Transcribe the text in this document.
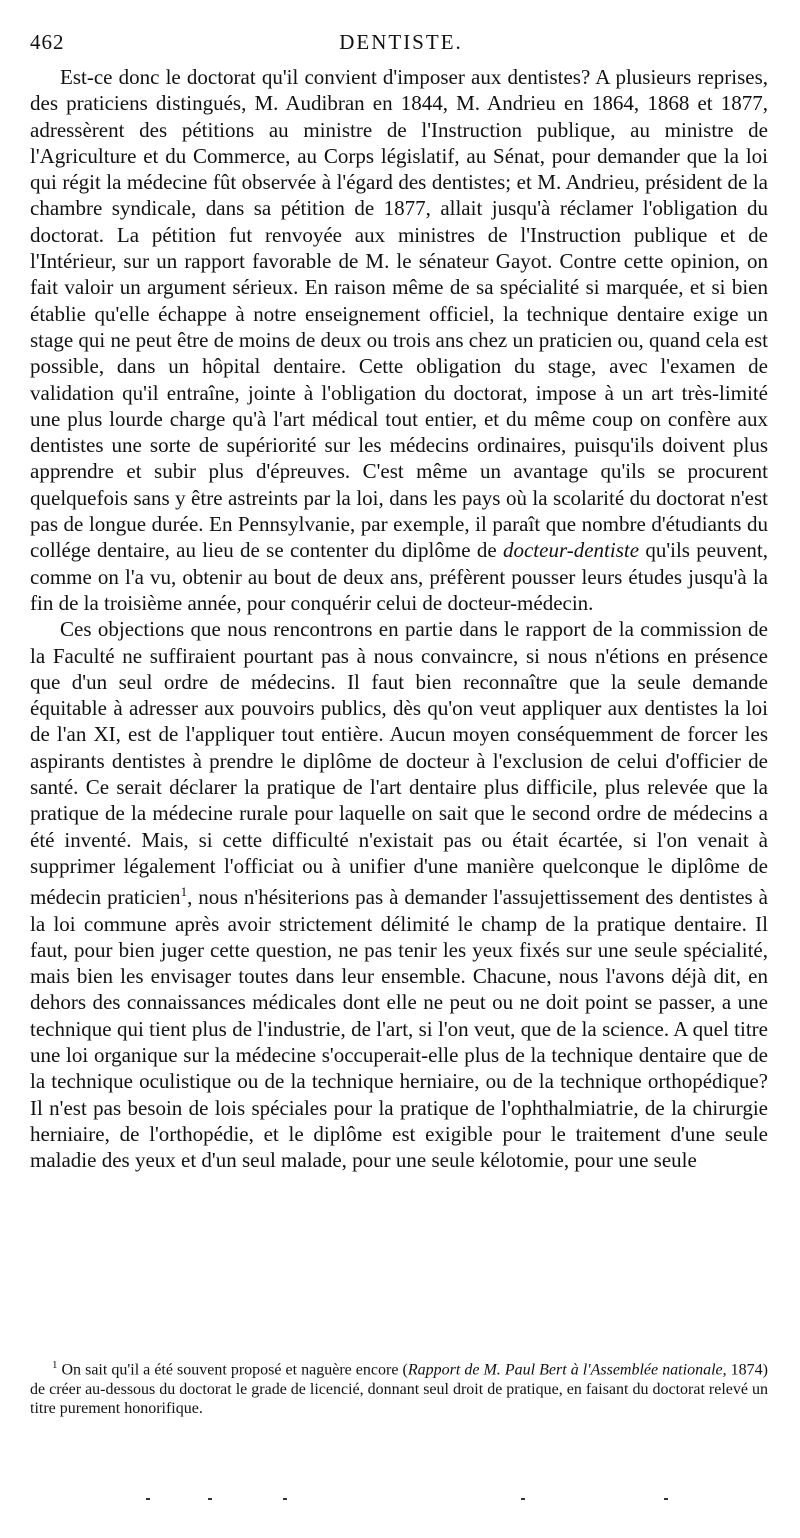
462	DENTISTE.

Est-ce donc le doctorat qu'il convient d'imposer aux dentistes? A plusieurs reprises, des praticiens distingués, M. Audibran en 1844, M. Andrieu en 1864, 1868 et 1877, adressèrent des pétitions au ministre de l'Instruction publique, au ministre de l'Agriculture et du Commerce, au Corps législatif, au Sénat, pour demander que la loi qui régit la médecine fût observée à l'égard des dentistes; et M. Andrieu, président de la chambre syndicale, dans sa pétition de 1877, allait jusqu'à réclamer l'obligation du doctorat. La pétition fut renvoyée aux ministres de l'Instruction publique et de l'Intérieur, sur un rapport favorable de M. le sénateur Gayot. Contre cette opinion, on fait valoir un argument sérieux. En raison même de sa spécialité si marquée, et si bien établie qu'elle échappe à notre enseignement officiel, la technique dentaire exige un stage qui ne peut être de moins de deux ou trois ans chez un praticien ou, quand cela est possible, dans un hôpital dentaire. Cette obligation du stage, avec l'examen de validation qu'il entraîne, jointe à l'obligation du doctorat, impose à un art très-limité une plus lourde charge qu'à l'art médical tout entier, et du même coup on confère aux dentistes une sorte de supériorité sur les médecins ordinaires, puisqu'ils doivent plus apprendre et subir plus d'épreuves. C'est même un avantage qu'ils se procurent quelquefois sans y être astreints par la loi, dans les pays où la scolarité du doctorat n'est pas de longue durée. En Pennsylvanie, par exemple, il paraît que nombre d'étudiants du collége dentaire, au lieu de se contenter du diplôme de docteur-dentiste qu'ils peuvent, comme on l'a vu, obtenir au bout de deux ans, préfèrent pousser leurs études jusqu'à la fin de la troisième année, pour conquérir celui de docteur-médecin.

Ces objections que nous rencontrons en partie dans le rapport de la commission de la Faculté ne suffiraient pourtant pas à nous convaincre, si nous n'étions en présence que d'un seul ordre de médecins. Il faut bien reconnaître que la seule demande équitable à adresser aux pouvoirs publics, dès qu'on veut appliquer aux dentistes la loi de l'an XI, est de l'appliquer tout entière. Aucun moyen conséquemment de forcer les aspirants dentistes à prendre le diplôme de docteur à l'exclusion de celui d'officier de santé. Ce serait déclarer la pratique de l'art dentaire plus difficile, plus relevée que la pratique de la médecine rurale pour laquelle on sait que le second ordre de médecins a été inventé. Mais, si cette difficulté n'existait pas ou était écartée, si l'on venait à supprimer légalement l'officiat ou à unifier d'une manière quelconque le diplôme de médecin praticien$^1$, nous n'hésiterions pas à demander l'assujettissement des dentistes à la loi commune après avoir strictement délimité le champ de la pratique dentaire. Il faut, pour bien juger cette question, ne pas tenir les yeux fixés sur une seule spécialité, mais bien les envisager toutes dans leur ensemble. Chacune, nous l'avons déjà dit, en dehors des connaissances médicales dont elle ne peut ou ne doit point se passer, a une technique qui tient plus de l'industrie, de l'art, si l'on veut, que de la science. A quel titre une loi organique sur la médecine s'occuperait-elle plus de la technique dentaire que de la technique oculistique ou de la technique herniaire, ou de la technique orthopédique? Il n'est pas besoin de lois spéciales pour la pratique de l'ophthalmiatrie, de la chirurgie herniaire, de l'orthopédie, et le diplôme est exigible pour le traitement d'une seule maladie des yeux et d'un seul malade, pour une seule kélotomie, pour une seule

$^1$ On sait qu'il a été souvent proposé et naguère encore (Rapport de M. Paul Bert à l'Assemblée nationale, 1874) de créer au-dessous du doctorat le grade de licencié, donnant seul droit de pratique, en faisant du doctorat relevé un titre purement honorifique.
